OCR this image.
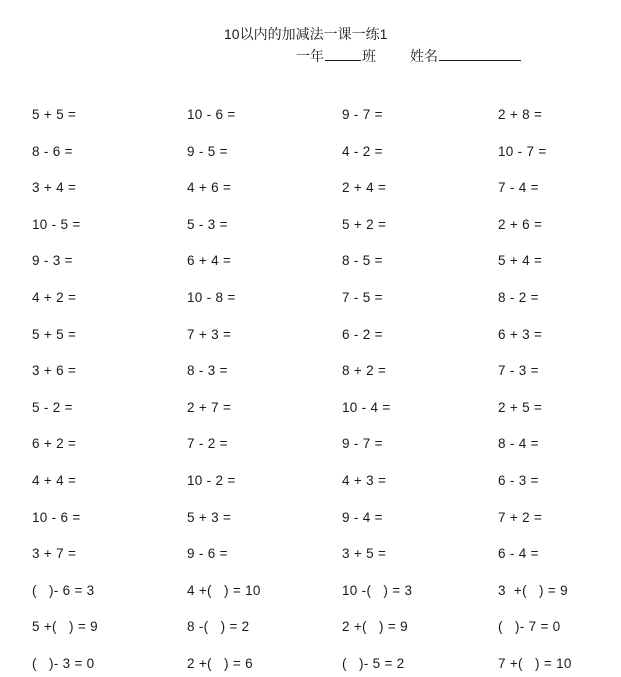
10以内的加减法一课一练1
一年	班 姓名
5 + 5 =	10 - 6 =	9 - 7 =	2 + 8 =
8 - 6 =	9 - 5 =	4 - 2 =	10 - 7 =
3 + 4 =	4 + 6 =	2 + 4 =	7 - 4 =
10 - 5 =	5 - 3 =	5 + 2 =	2 + 6 =
9 - 3 =	6 + 4 =	8 - 5 =	5 + 4 =
4 + 2 =	10 - 8 =	7 - 5 =	8 - 2 =
5 + 5 =	7 + 3 =	6 - 2 =	6 + 3 =
3 + 6 =	8 - 3 =	8 + 2 =	7 - 3 =
5 - 2 =	2 + 7 =	10 - 4 =	2 + 5 =
6 + 2 =	7 - 2 =	9 - 7 =	8 - 4 =
4 + 4 =	10 - 2 =	4 + 3 =	6 - 3 =
10 - 6 =	5 + 3 =	9 - 4 =	7 + 2 =
3 + 7 =	9 - 6 =	3 + 5 =	6 - 4 =
(   )- 6 = 3	4 +(   ) = 10	10 -(   ) = 3	3  +(   ) = 9
5 +(   ) = 9	8 -(   ) = 2	2 +(   ) = 9	(   )- 7 = 0
(   )- 3 = 0	2 +(   ) = 6	(   )- 5 = 2	7 +(   ) = 10
